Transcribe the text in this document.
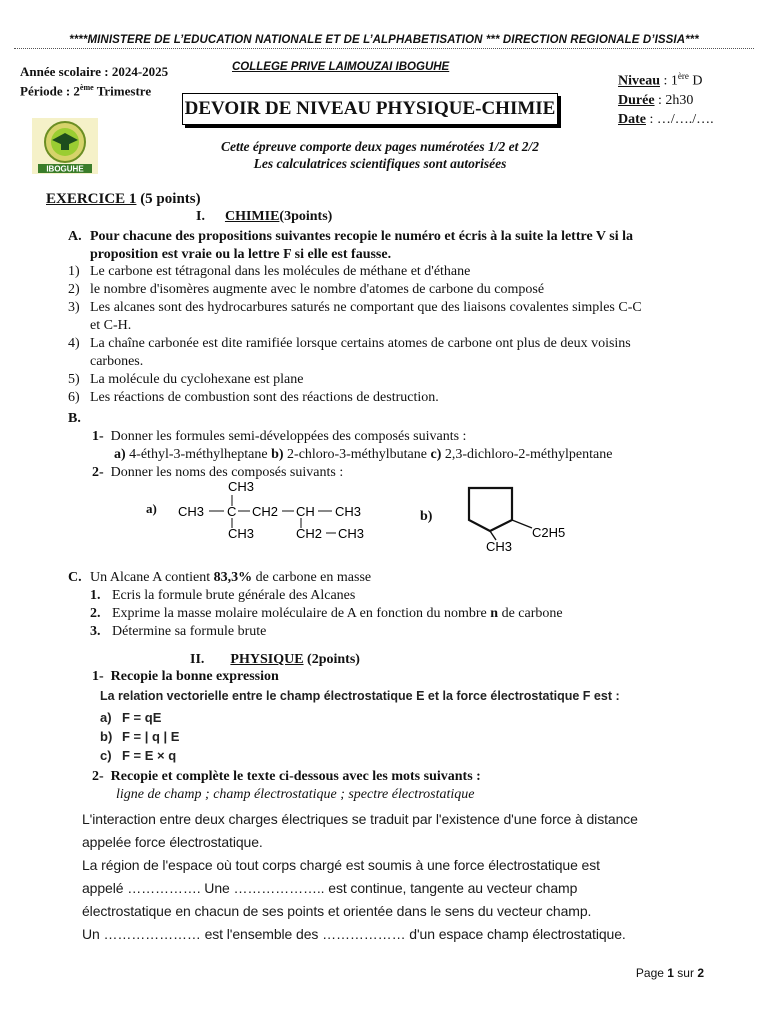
****MINISTERE DE L’EDUCATION NATIONALE ET DE L’ALPHABETISATION *** DIRECTION REGIONALE D’ISSIA***
Année scolaire : 2024-2025
Période : 2ème Trimestre
COLLEGE PRIVE LAIMOUZAI IBOGUHE
DEVOIR DE NIVEAU PHYSIQUE-CHIMIE
Niveau : 1ère D
Durée : 2h30
Date : …/…./….
IBOGUHE
Cette épreuve comporte deux pages numérotées 1/2 et 2/2
Les calculatrices scientifiques sont autorisées
EXERCICE 1 (5 points)
I. CHIMIE(3points)
A. Pour chacune des propositions suivantes recopie le numéro et écris à la suite la lettre V si la
proposition est vraie ou la lettre F si elle est fausse.
1) Le carbone est tétragonal dans les molécules de méthane et d'éthane
2) le nombre d'isomères augmente avec le nombre d'atomes de carbone du composé
3) Les alcanes sont des hydrocarbures saturés ne comportant que des liaisons covalentes simples C-C
et C-H.
4) La chaîne carbonée est dite ramifiée lorsque certains atomes de carbone ont plus de deux voisins
carbones.
5) La molécule du cyclohexane est plane
6) Les réactions de combustion sont des réactions de destruction.
B.
1- Donner les formules semi-développées des composés suivants :
a) 4-éthyl-3-méthylheptane b) 2-chloro-3-méthylbutane c) 2,3-dichloro-2-méthylpentane
2- Donner les noms des composés suivants :
a)
CH3
CH3 C CH2 CH CH3
CH3	CH2 CH3
b)
C2H5
CH3
C. Un Alcane A contient 83,3% de carbone en masse
1. Ecris la formule brute générale des Alcanes
2. Exprime la masse molaire moléculaire de A en fonction du nombre n de carbone
3. Détermine sa formule brute
II. PHYSIQUE (2points)
1- Recopie la bonne expression
La relation vectorielle entre le champ électrostatique E et la force électrostatique F est :
a) F = qE
b) F = | q | E
c) F = E × q
2- Recopie et complète le texte ci-dessous avec les mots suivants :
ligne de champ ; champ électrostatique ; spectre électrostatique
L'interaction entre deux charges électriques se traduit par l'existence d'une force à distance
appelée force électrostatique.
La région de l'espace où tout corps chargé est soumis à une force électrostatique est
appelé ……………. Une ……………….. est continue, tangente au vecteur champ
électrostatique en chacun de ses points et orientée dans le sens du vecteur champ.
Un ………………… est l'ensemble des ……………… d'un espace champ électrostatique.
Page 1 sur 2
